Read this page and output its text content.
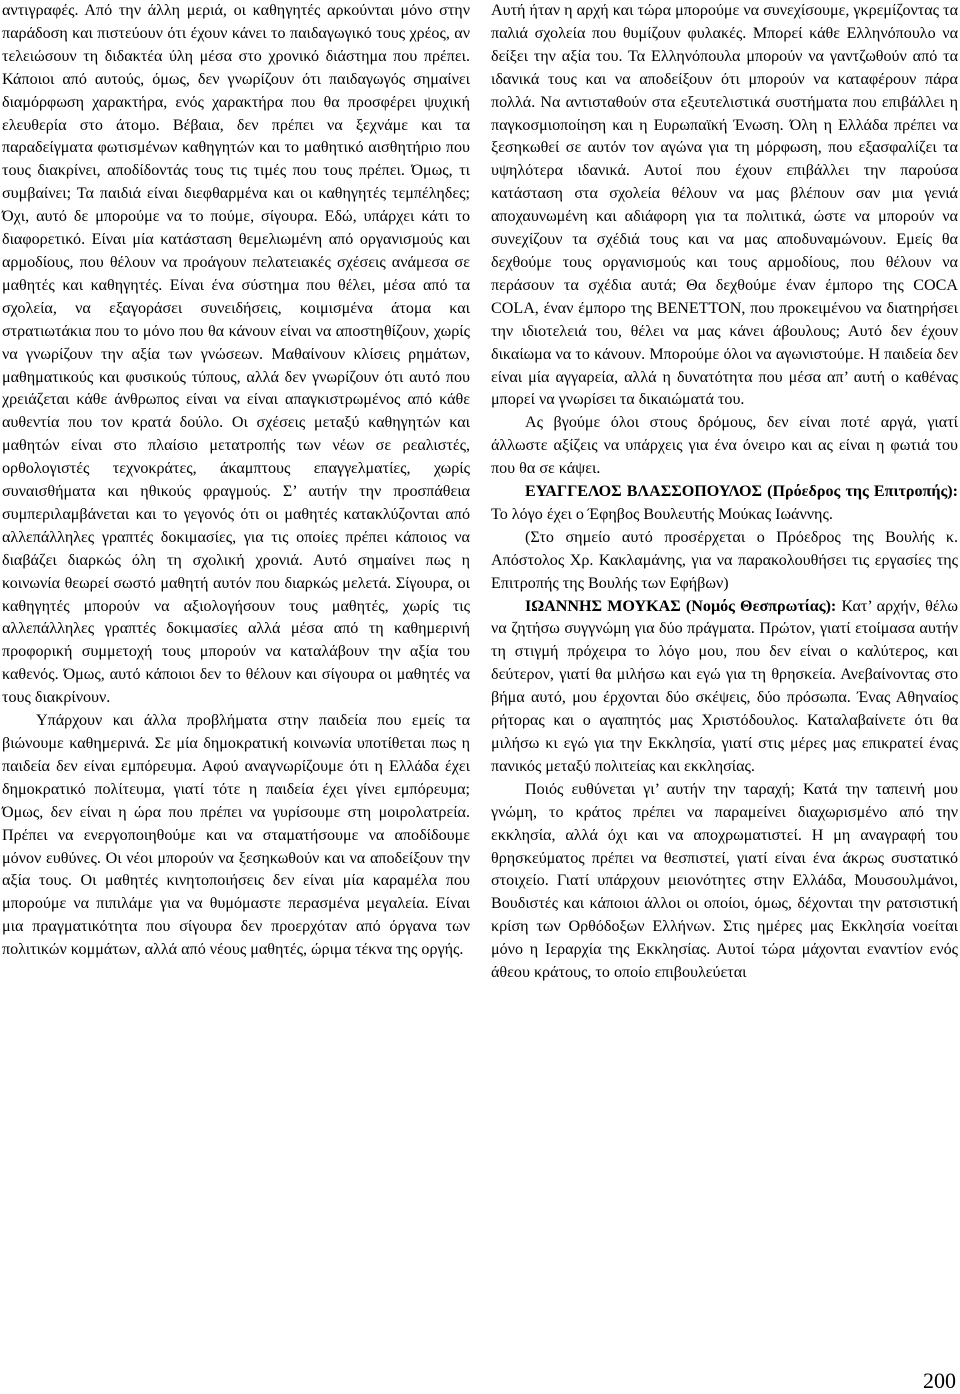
αντιγραφές. Από την άλλη μεριά, οι καθηγητές αρκούνται μόνο στην παράδοση και πιστεύουν ότι έχουν κάνει το παιδαγωγικό τους χρέος, αν τελειώσουν τη διδακτέα ύλη μέσα στο χρονικό διάστημα που πρέπει. Κάποιοι από αυτούς, όμως, δεν γνωρίζουν ότι παιδαγωγός σημαίνει διαμόρφωση χαρακτήρα, ενός χαρακτήρα που θα προσφέρει ψυχική ελευθερία στο άτομο. Βέβαια, δεν πρέπει να ξεχνάμε και τα παραδείγματα φωτισμένων καθηγητών και το μαθητικό αισθητήριο που τους διακρίνει, αποδίδοντάς τους τις τιμές που τους πρέπει. Όμως, τι συμβαίνει; Τα παιδιά είναι διεφθαρμένα και οι καθηγητές τεμπέληδες; Όχι, αυτό δε μπορούμε να το πούμε, σίγουρα. Εδώ, υπάρχει κάτι το διαφορετικό. Είναι μία κατάσταση θεμελιωμένη από οργανισμούς και αρμοδίους, που θέλουν να προάγουν πελατειακές σχέσεις ανάμεσα σε μαθητές και καθηγητές. Είναι ένα σύστημα που θέλει, μέσα από τα σχολεία, να εξαγοράσει συνειδήσεις, κοιμισμένα άτομα και στρατιωτάκια που το μόνο που θα κάνουν είναι να αποστηθίζουν, χωρίς να γνωρίζουν την αξία των γνώσεων. Μαθαίνουν κλίσεις ρημάτων, μαθηματικούς και φυσικούς τύπους, αλλά δεν γνωρίζουν ότι αυτό που χρειάζεται κάθε άνθρωπος είναι να είναι απαγκιστρωμένος από κάθε αυθεντία που τον κρατά δούλο. Οι σχέσεις μεταξύ καθηγητών και μαθητών είναι στο πλαίσιο μετατροπής των νέων σε ρεαλιστές, ορθολογιστές τεχνοκράτες, άκαμπτους επαγγελματίες, χωρίς συναισθήματα και ηθικούς φραγμούς. Σ’ αυτήν την προσπάθεια συμπεριλαμβάνεται και το γεγονός ότι οι μαθητές κατακλύζονται από αλλεπάλληλες γραπτές δοκιμασίες, για τις οποίες πρέπει κάποιος να διαβάζει διαρκώς όλη τη σχολική χρονιά. Αυτό σημαίνει πως η κοινωνία θεωρεί σωστό μαθητή αυτόν που διαρκώς μελετά. Σίγουρα, οι καθηγητές μπορούν να αξιολογήσουν τους μαθητές, χωρίς τις αλλεπάλληλες γραπτές δοκιμασίες αλλά μέσα από τη καθημερινή προφορική συμμετοχή τους μπορούν να καταλάβουν την αξία του καθενός. Όμως, αυτό κάποιοι δεν το θέλουν και σίγουρα οι μαθητές να τους διακρίνουν.

Υπάρχουν και άλλα προβλήματα στην παιδεία που εμείς τα βιώνουμε καθημερινά. Σε μία δημοκρατική κοινωνία υποτίθεται πως η παιδεία δεν είναι εμπόρευμα. Αφού αναγνωρίζουμε ότι η Ελλάδα έχει δημοκρατικό πολίτευμα, γιατί τότε η παιδεία έχει γίνει εμπόρευμα; Όμως, δεν είναι η ώρα που πρέπει να γυρίσουμε στη μοιρολατρεία. Πρέπει να ενεργοποιηθούμε και να σταματήσουμε να αποδίδουμε μόνον ευθύνες. Οι νέοι μπορούν να ξεσηκωθούν και να αποδείξουν την αξία τους. Οι μαθητές κινητοποιήσεις δεν είναι μία καραμέλα που μπορούμε να πιπιλάμε για να θυμόμαστε περασμένα μεγαλεία. Είναι μια πραγματικότητα που σίγουρα δεν προερχόταν από όργανα των πολιτικών κομμάτων, αλλά από νέους μαθητές, ώριμα τέκνα της οργής.

Αυτή ήταν η αρχή και τώρα μπορούμε να συνεχίσουμε, γκρεμίζοντας τα παλιά σχολεία που θυμίζουν φυλακές. Μπορεί κάθε Ελληνόπουλο να δείξει την αξία του. Τα Ελληνόπουλα μπορούν να γαντζωθούν από τα ιδανικά τους και να αποδείξουν ότι μπορούν να καταφέρουν πάρα πολλά. Να αντισταθούν στα εξευτελιστικά συστήματα που επιβάλλει η παγκοσμιοποίηση και η Ευρωπαϊκή Ένωση. Όλη η Ελλάδα πρέπει να ξεσηκωθεί σε αυτόν τον αγώνα για τη μόρφωση, που εξασφαλίζει τα υψηλότερα ιδανικά. Αυτοί που έχουν επιβάλλει την παρούσα κατάσταση στα σχολεία θέλουν να μας βλέπουν σαν μια γενιά αποχαυνωμένη και αδιάφορη για τα πολιτικά, ώστε να μπορούν να συνεχίζουν τα σχέδιά τους και να μας αποδυναμώνουν. Εμείς θα δεχθούμε τους οργανισμούς και τους αρμοδίους, που θέλουν να περάσουν τα σχέδια αυτά; Θα δεχθούμε έναν έμπορο της COCA COLA, έναν έμπορο της BENETTON, που προκειμένου να διατηρήσει την ιδιοτελειά του, θέλει να μας κάνει άβουλους; Αυτό δεν έχουν δικαίωμα να το κάνουν. Μπορούμε όλοι να αγωνιστούμε. Η παιδεία δεν είναι μία αγγαρεία, αλλά η δυνατότητα που μέσα απ’ αυτή ο καθένας μπορεί να γνωρίσει τα δικαιώματά του.

Ας βγούμε όλοι στους δρόμους, δεν είναι ποτέ αργά, γιατί άλλωστε αξίζεις να υπάρχεις για ένα όνειρο και ας είναι η φωτιά του που θα σε κάψει.

ΕΥΑΓΓΕΛΟΣ ΒΛΑΣΣΟΠΟΥΛΟΣ (Πρόεδρος της Επιτροπής): Το λόγο έχει ο Έφηβος Βουλευτής Μούκας Ιωάννης.

(Στο σημείο αυτό προσέρχεται ο Πρόεδρος της Βουλής κ. Απόστολος Χρ. Κακλαμάνης, για να παρακολουθήσει τις εργασίες της Επιτροπής της Βουλής των Εφήβων)

ΙΩΑΝΝΗΣ ΜΟΥΚΑΣ (Νομός Θεσπρωτίας): Κατ’ αρχήν, θέλω να ζητήσω συγγνώμη για δύο πράγματα. Πρώτον, γιατί ετοίμασα αυτήν τη στιγμή πρόχειρα το λόγο μου, που δεν είναι ο καλύτερος, και δεύτερον, γιατί θα μιλήσω και εγώ για τη θρησκεία. Ανεβαίνοντας στο βήμα αυτό, μου έρχονται δύο σκέψεις, δύο πρόσωπα. Ένας Αθηναίος ρήτορας και ο αγαπητός μας Χριστόδουλος. Καταλαβαίνετε ότι θα μιλήσω κι εγώ για την Εκκλησία, γιατί στις μέρες μας επικρατεί ένας πανικός μεταξύ πολιτείας και εκκλησίας.

Ποιός ευθύνεται γι’ αυτήν την ταραχή; Κατά την ταπεινή μου γνώμη, το κράτος πρέπει να παραμείνει διαχωρισμένο από την εκκλησία, αλλά όχι και να αποχρωματιστεί. Η μη αναγραφή του θρησκεύματος πρέπει να θεσπιστεί, γιατί είναι ένα άκρως συστατικό στοιχείο. Γιατί υπάρχουν μειονότητες στην Ελλάδα, Μουσουλμάνοι, Βουδιστές και κάποιοι άλλοι οι οποίοι, όμως, δέχονται την ρατσιστική κρίση των Ορθόδοξων Ελλήνων. Στις ημέρες μας Εκκλησία νοείται μόνο η Ιεραρχία της Εκκλησίας. Αυτοί τώρα μάχονται εναντίον ενός άθεου κράτους, το οποίο επιβουλεύεται

200
